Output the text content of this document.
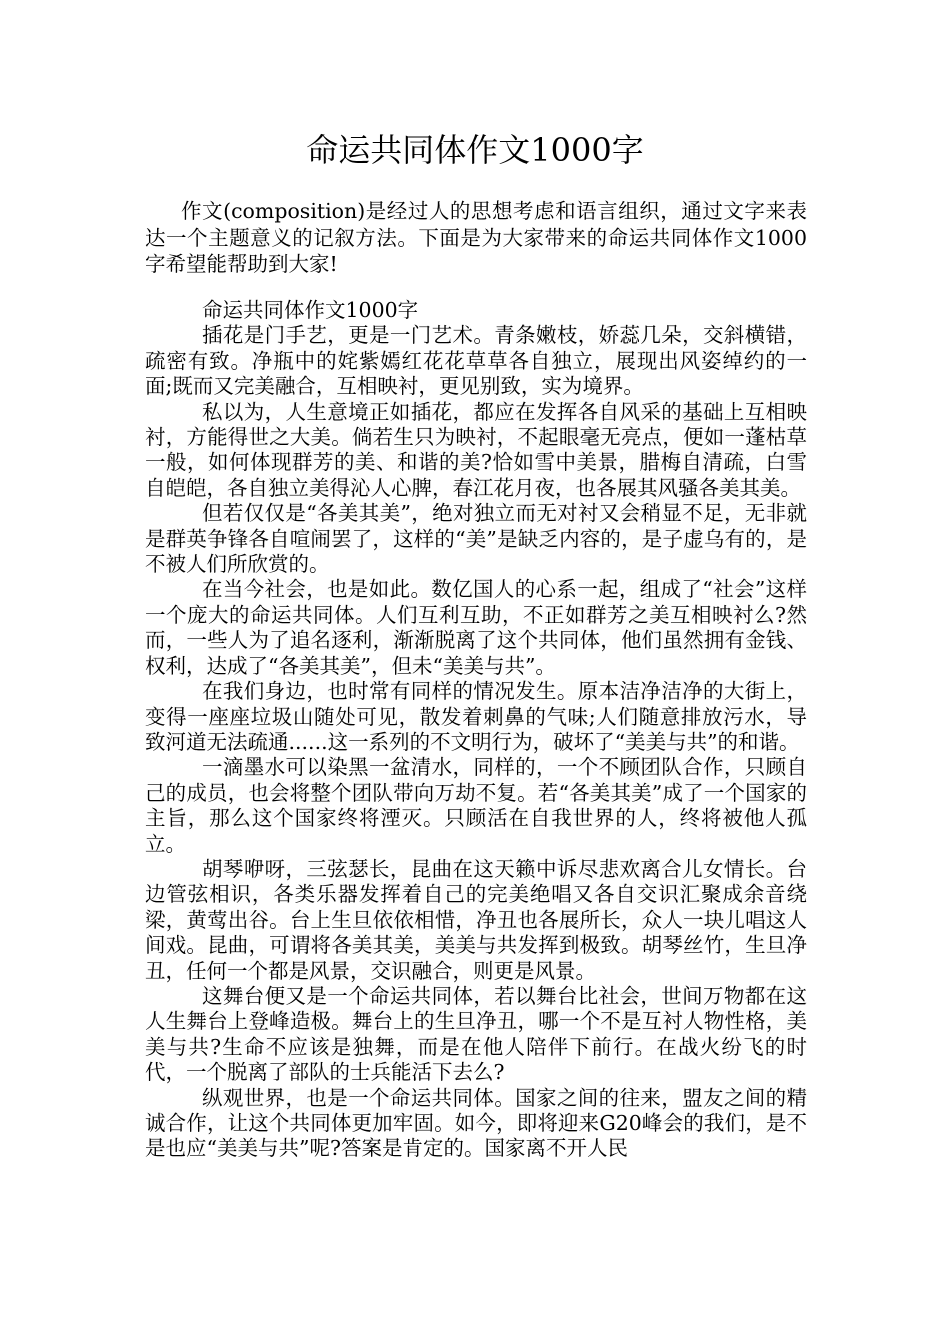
命运共同体作文1000字

作文(composition)是经过人的思想考虑和语言组织，通过文字来表达一个主题意义的记叙方法。下面是为大家带来的命运共同体作文1000字希望能帮助到大家!

命运共同体作文1000字

插花是门手艺，更是一门艺术。青条嫩枝，娇蕊几朵，交斜横错，疏密有致。净瓶中的姹紫嫣红花花草草各自独立，展现出风姿绰约的一面;既而又完美融合，互相映衬，更见别致，实为境界。

私以为，人生意境正如插花，都应在发挥各自风采的基础上互相映衬，方能得世之大美。倘若生只为映衬，不起眼毫无亮点，便如一蓬枯草一般，如何体现群芳的美、和谐的美?恰如雪中美景，腊梅自清疏，白雪自皑皑，各自独立美得沁人心脾，春江花月夜，也各展其风骚各美其美。

但若仅仅是“各美其美”，绝对独立而无对衬又会稍显不足，无非就是群英争锋各自喧闹罢了，这样的“美”是缺乏内容的，是子虚乌有的，是不被人们所欣赏的。

在当今社会，也是如此。数亿国人的心系一起，组成了“社会”这样一个庞大的命运共同体。人们互利互助，不正如群芳之美互相映衬么?然而，一些人为了追名逐利，渐渐脱离了这个共同体，他们虽然拥有金钱、权利，达成了“各美其美”，但未“美美与共”。

在我们身边，也时常有同样的情况发生。原本洁净洁净的大街上，变得一座座垃圾山随处可见，散发着刺鼻的气味;人们随意排放污水，导致河道无法疏通......这一系列的不文明行为，破坏了“美美与共”的和谐。

一滴墨水可以染黑一盆清水，同样的，一个不顾团队合作，只顾自己的成员，也会将整个团队带向万劫不复。若“各美其美”成了一个国家的主旨，那么这个国家终将湮灭。只顾活在自我世界的人，终将被他人孤立。

胡琴咿呀，三弦瑟长，昆曲在这天籁中诉尽悲欢离合儿女情长。台边管弦相识，各类乐器发挥着自己的完美绝唱又各自交识汇聚成余音绕梁，黄莺出谷。台上生旦依依相惜，净丑也各展所长，众人一块儿唱这人间戏。昆曲，可谓将各美其美，美美与共发挥到极致。胡琴丝竹，生旦净丑，任何一个都是风景，交识融合，则更是风景。

这舞台便又是一个命运共同体，若以舞台比社会，世间万物都在这人生舞台上登峰造极。舞台上的生旦净丑，哪一个不是互衬人物性格，美美与共?生命不应该是独舞，而是在他人陪伴下前行。在战火纷飞的时代，一个脱离了部队的士兵能活下去么?

纵观世界，也是一个命运共同体。国家之间的往来，盟友之间的精诚合作，让这个共同体更加牢固。如今，即将迎来G20峰会的我们，是不是也应“美美与共”呢?答案是肯定的。国家离不开人民
